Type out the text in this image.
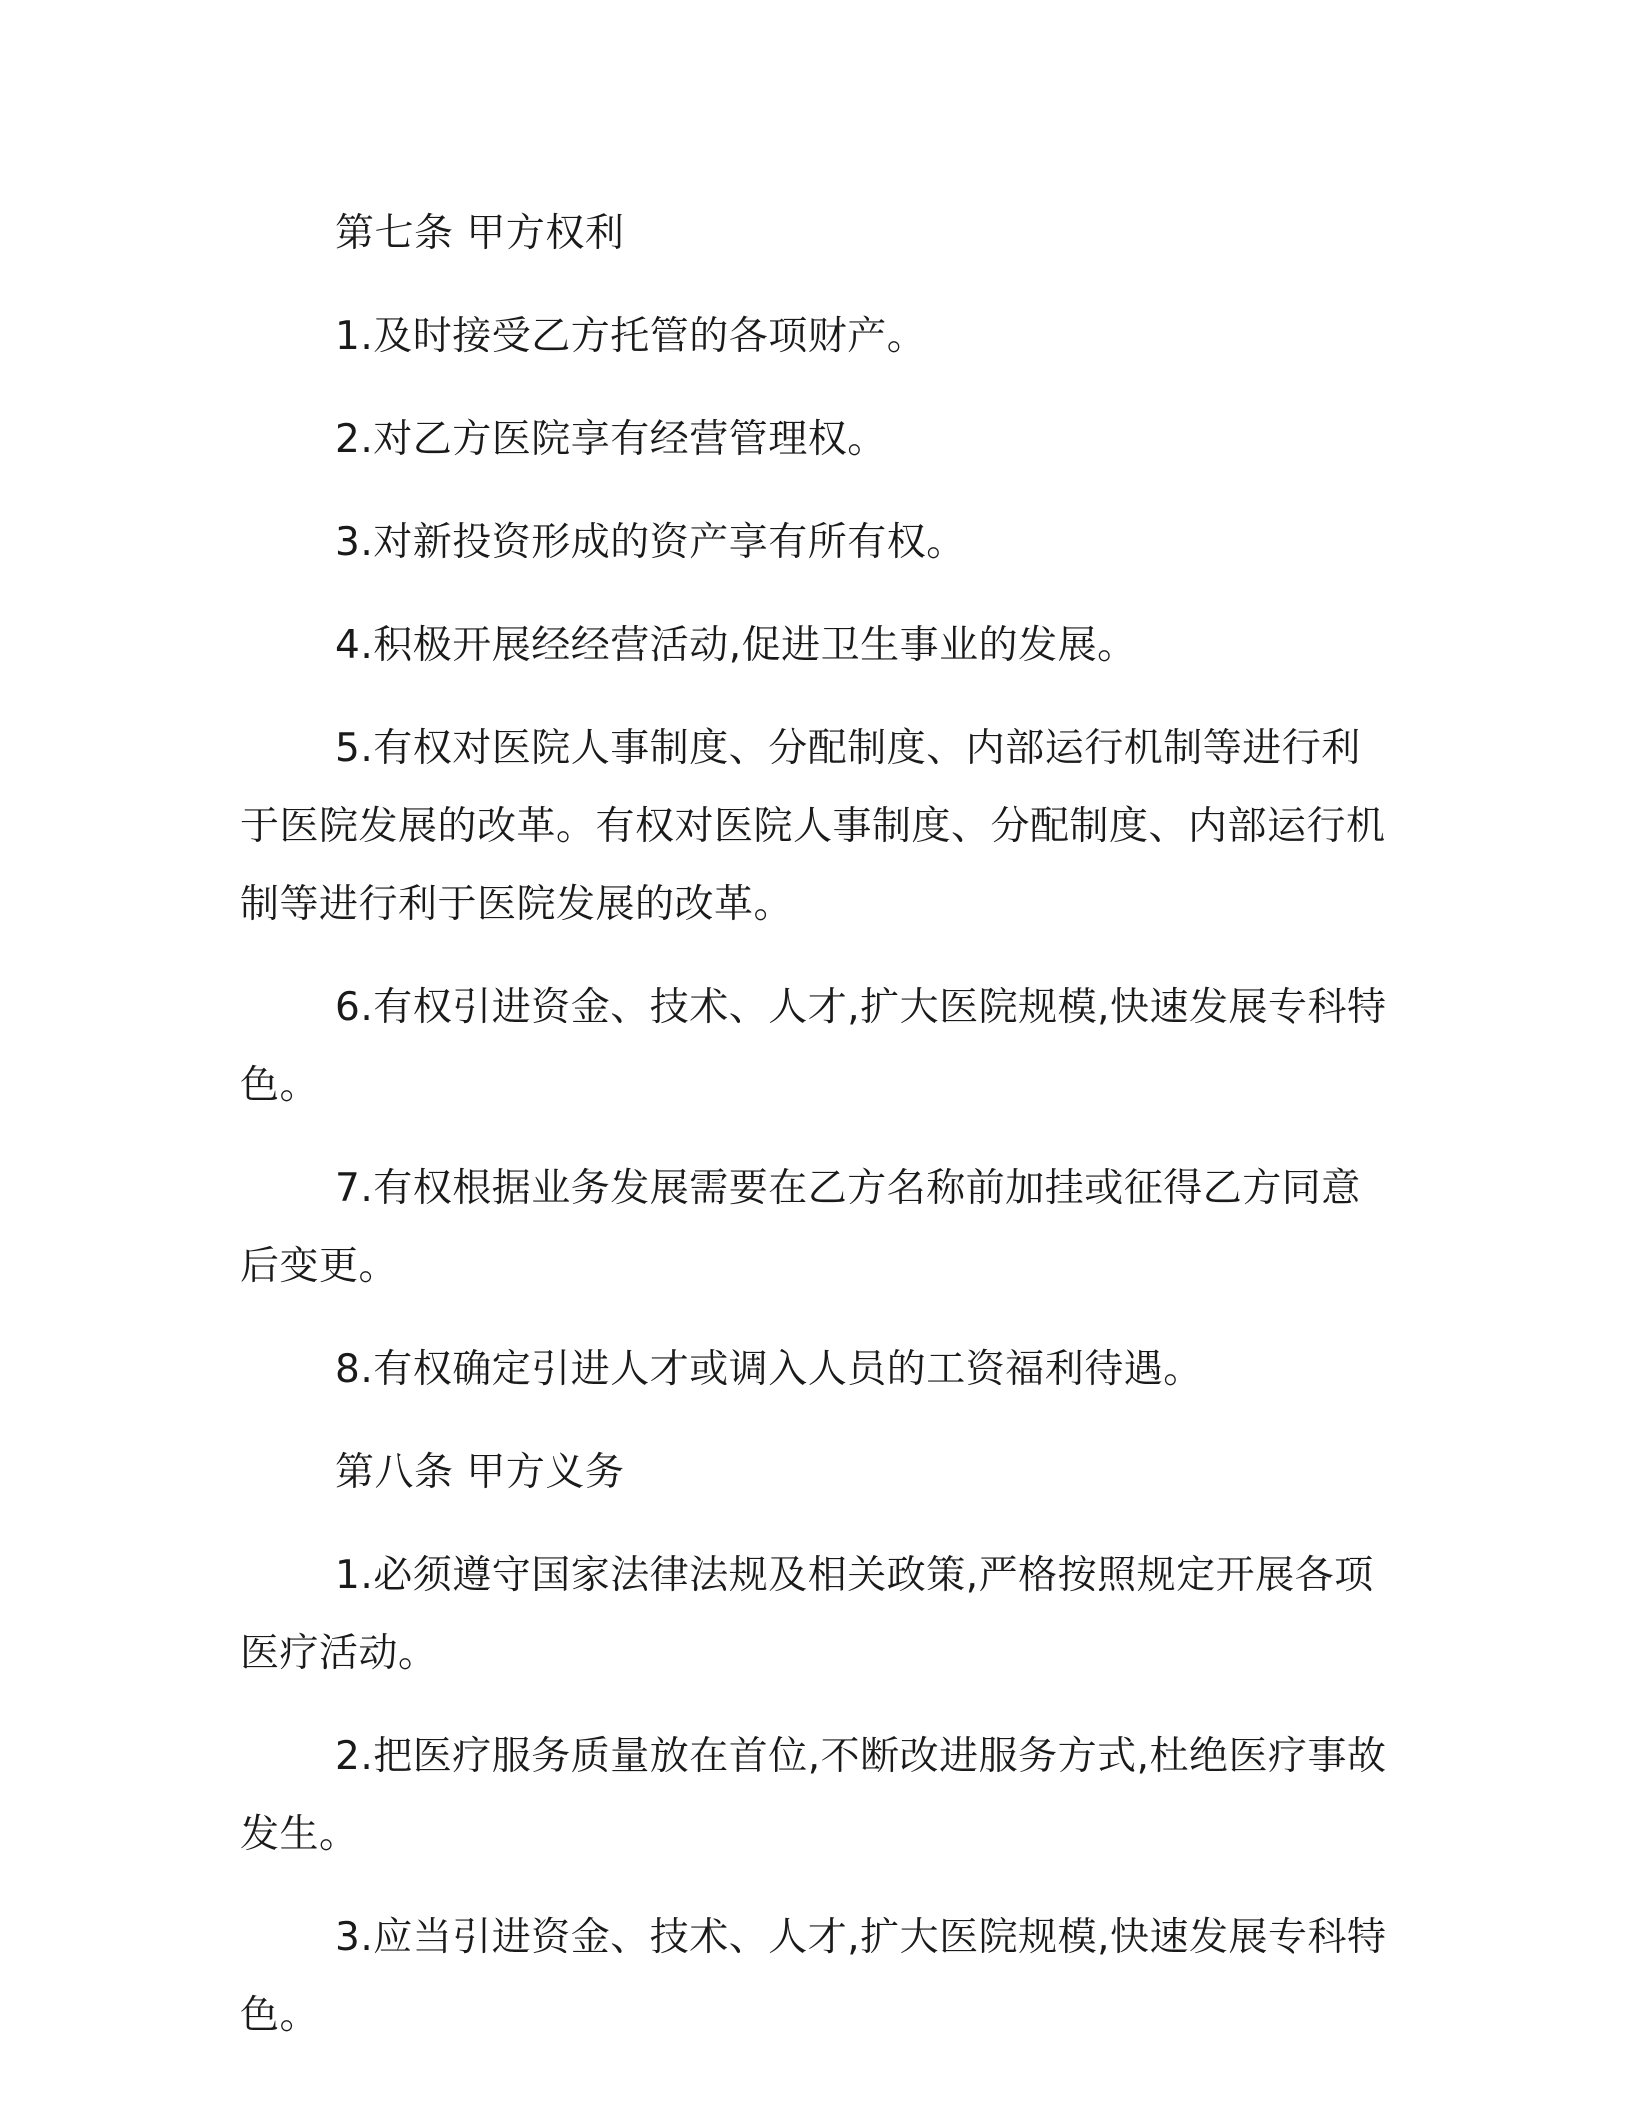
第七条 甲方权利

1.及时接受乙方托管的各项财产。

2.对乙方医院享有经营管理权。

3.对新投资形成的资产享有所有权。

4.积极开展经经营活动,促进卫生事业的发展。

5.有权对医院人事制度、分配制度、内部运行机制等进行利于医院发展的改革。有权对医院人事制度、分配制度、内部运行机制等进行利于医院发展的改革。

6.有权引进资金、技术、人才,扩大医院规模,快速发展专科特色。

7.有权根据业务发展需要在乙方名称前加挂或征得乙方同意后变更。

8.有权确定引进人才或调入人员的工资福利待遇。

第八条 甲方义务

1.必须遵守国家法律法规及相关政策,严格按照规定开展各项医疗活动。

2.把医疗服务质量放在首位,不断改进服务方式,杜绝医疗事故发生。

3.应当引进资金、技术、人才,扩大医院规模,快速发展专科特色。
